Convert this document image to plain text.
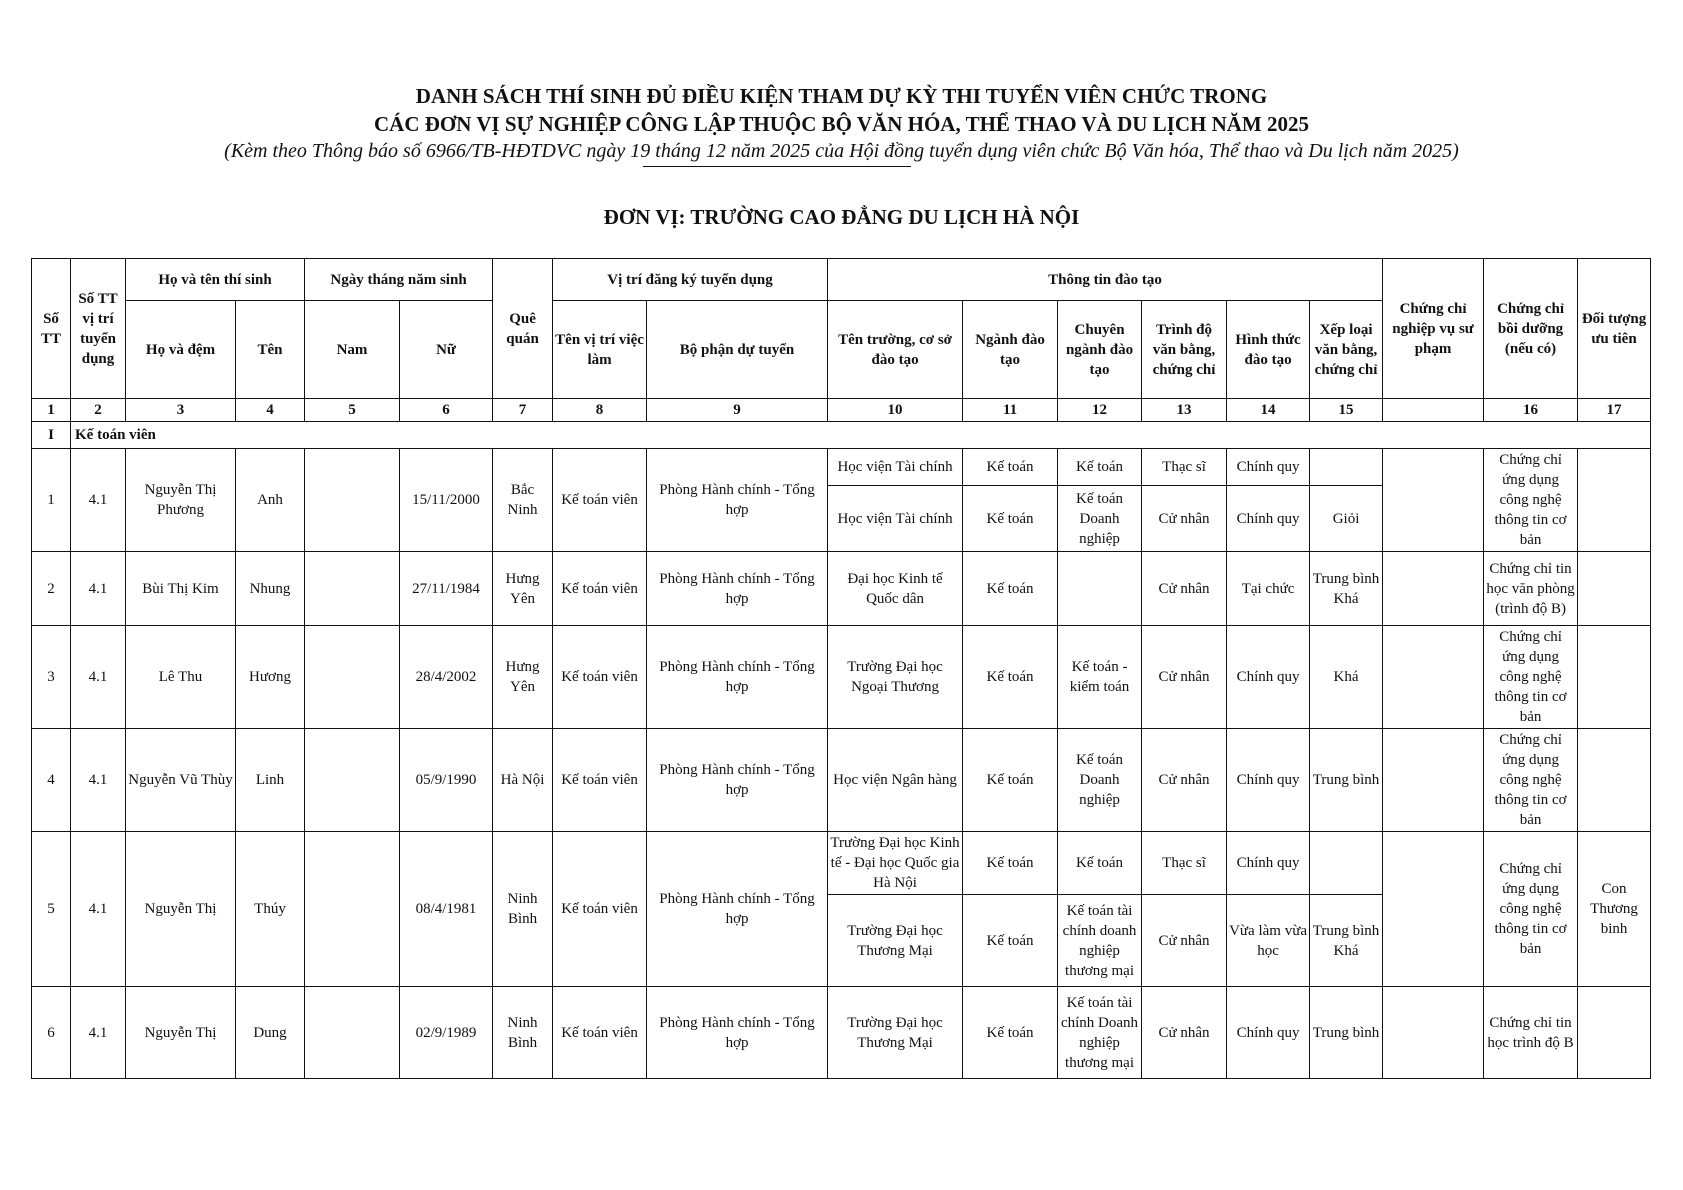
DANH SÁCH THÍ SINH ĐỦ ĐIỀU KIỆN THAM DỰ KỲ THI TUYỂN VIÊN CHỨC TRONG
CÁC ĐƠN VỊ SỰ NGHIỆP CÔNG LẬP THUỘC BỘ VĂN HÓA, THỂ THAO VÀ DU LỊCH NĂM 2025
(Kèm theo Thông báo số 6966/TB-HĐTDVC ngày 19 tháng 12 năm 2025 của Hội đồng tuyển dụng viên chức Bộ Văn hóa, Thể thao và Du lịch năm 2025)
ĐƠN VỊ: TRƯỜNG CAO ĐẲNG DU LỊCH HÀ NỘI
Số TT	Số TT vị trí tuyển dụng	Họ và tên thí sinh		Ngày tháng năm sinh		Quê quán	Vị trí đăng ký tuyển dụng		Thông tin đào tạo						Chứng chỉ nghiệp vụ sư phạm	Chứng chỉ bồi dưỡng (nếu có)	Đối tượng ưu tiên
		Họ và đệm	Tên	Nam	Nữ		Tên vị trí việc làm	Bộ phận dự tuyển	Tên trường, cơ sở đào tạo	Ngành đào tạo	Chuyên ngành đào tạo	Trình độ văn bằng, chứng chỉ	Hình thức đào tạo	Xếp loại văn bằng, chứng chỉ			
1	2	3	4	5	6	7	8	9	10	11	12	13	14	15		16	17
I	Kế toán viên																
1	4.1	Nguyễn Thị Phương	Anh		15/11/2000	Bắc Ninh	Kế toán viên	Phòng Hành chính - Tổng hợp	Học viện Tài chính	Kế toán	Kế toán	Thạc sĩ	Chính quy			Chứng chỉ ứng dụng công nghệ thông tin cơ bản	
									Học viện Tài chính	Kế toán	Kế toán Doanh nghiệp	Cử nhân	Chính quy	Giỏi			
2	4.1	Bùi Thị Kim	Nhung		27/11/1984	Hưng Yên	Kế toán viên	Phòng Hành chính - Tổng hợp	Đại học Kinh tế Quốc dân	Kế toán		Cử nhân	Tại chức	Trung bình Khá		Chứng chỉ tin học văn phòng (trình độ B)	
3	4.1	Lê Thu	Hương		28/4/2002	Hưng Yên	Kế toán viên	Phòng Hành chính - Tổng hợp	Trường Đại học Ngoại Thương	Kế toán	Kế toán - kiểm toán	Cử nhân	Chính quy	Khá		Chứng chỉ ứng dụng công nghệ thông tin cơ bản	
4	4.1	Nguyễn Vũ Thùy	Linh		05/9/1990	Hà Nội	Kế toán viên	Phòng Hành chính - Tổng hợp	Học viện Ngân hàng	Kế toán	Kế toán Doanh nghiệp	Cử nhân	Chính quy	Trung bình		Chứng chỉ ứng dụng công nghệ thông tin cơ bản	
5	4.1	Nguyễn Thị	Thúy		08/4/1981	Ninh Bình	Kế toán viên	Phòng Hành chính - Tổng hợp	Trường Đại học Kinh tế - Đại học Quốc gia Hà Nội	Kế toán	Kế toán	Thạc sĩ	Chính quy			Chứng chỉ ứng dụng công nghệ thông tin cơ bản	Con Thương binh
									Trường Đại học Thương Mại	Kế toán	Kế toán tài chính doanh nghiệp thương mại	Cử nhân	Vừa làm vừa học	Trung bình Khá			
6	4.1	Nguyễn Thị	Dung		02/9/1989	Ninh Bình	Kế toán viên	Phòng Hành chính - Tổng hợp	Trường Đại học Thương Mại	Kế toán	Kế toán tài chính Doanh nghiệp thương mại	Cử nhân	Chính quy	Trung bình		Chứng chỉ tin học trình độ B	
